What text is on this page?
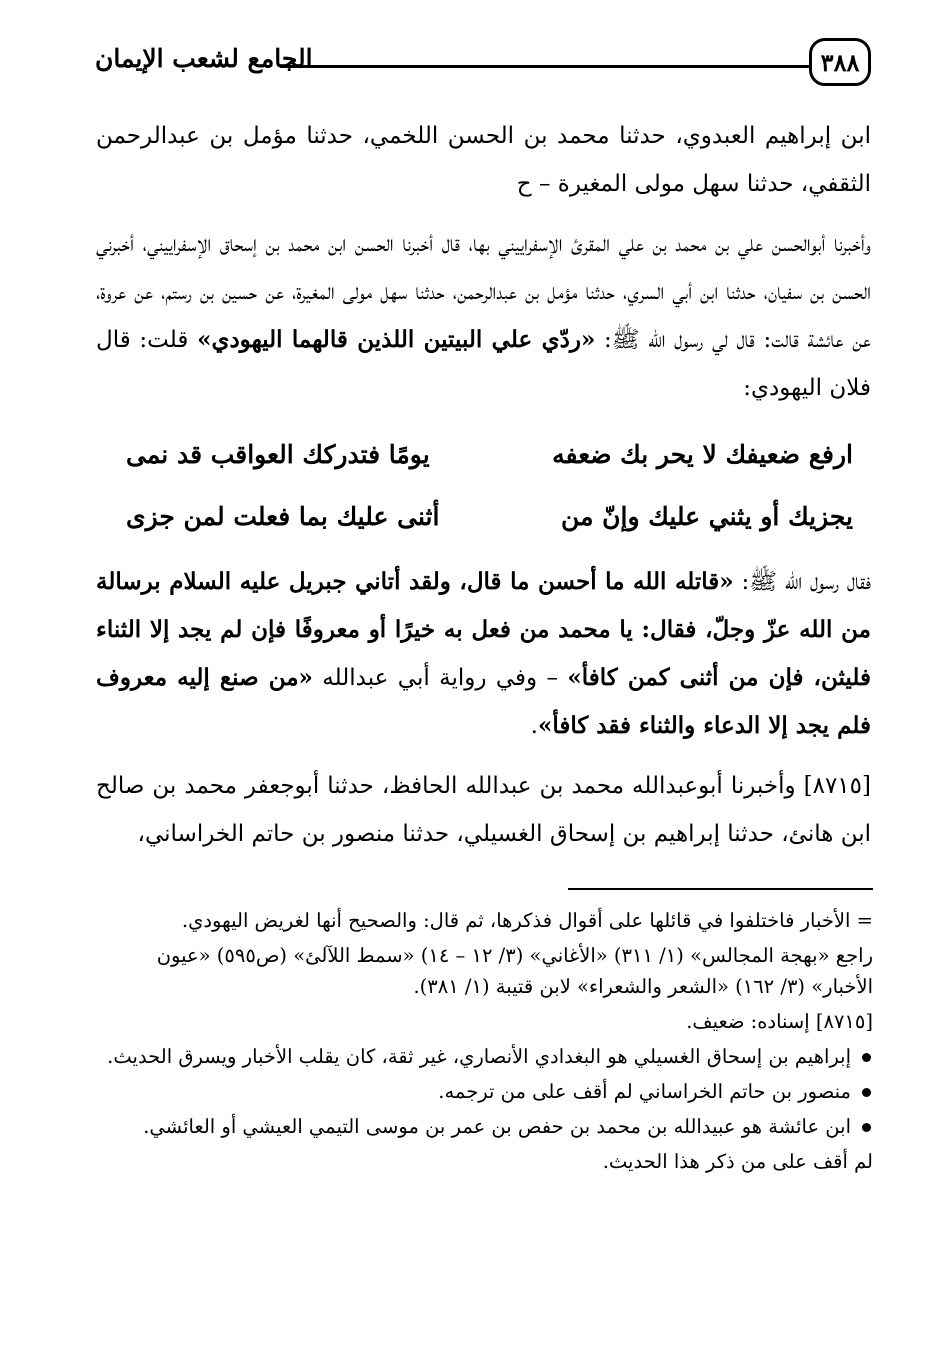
٣٨٨
الجامع لشعب الإيمان

ابن إبراهيم العبدوي، حدثنا محمد بن الحسن اللخمي، حدثنا مؤمل بن عبدالرحمن الثقفي، حدثنا سهل مولى المغيرة – ح

وأخبرنا أبوالحسن علي بن محمد بن علي المقرئ الإسفراييني بها، قال أخبرنا الحسن ابن محمد بن إسحاق الإسفراييني، أخبرني الحسن بن سفيان، حدثنا ابن أبي السري، حدثنا مؤمل بن عبدالرحمن، حدثنا سهل مولى المغيرة، عن حسين بن رستم، عن عروة، عن عائشة قالت: قال لي رسول الله ﷺ: «ردّي علي البيتين اللذين قالهما اليهودي» قلت: قال فلان اليهودي:

ارفع ضعيفك لا يحر بك ضعفه
يومًا فتدركك العواقب قد نمى
يجزيك أو يثني عليك وإنّ من
أثنى عليك بما فعلت لمن جزى

فقال رسول الله ﷺ: «قاتله الله ما أحسن ما قال، ولقد أتاني جبريل عليه السلام برسالة من الله عزّ وجلّ، فقال: يا محمد من فعل به خيرًا أو معروفًا فإن لم يجد إلا الثناء فليثن، فإن من أثنى كمن كافأ» – وفي رواية أبي عبدالله «من صنع إليه معروف فلم يجد إلا الدعاء والثناء فقد كافأ».

[٨٧١٥] وأخبرنا أبوعبدالله محمد بن عبدالله الحافظ، حدثنا أبوجعفر محمد بن صالح ابن هانئ، حدثنا إبراهيم بن إسحاق الغسيلي، حدثنا منصور بن حاتم الخراساني،

= الأخبار فاختلفوا في قائلها على أقوال فذكرها، ثم قال: والصحيح أنها لغريض اليهودي.

راجع «بهجة المجالس» (١/ ٣١١) «الأغاني» (٣/ ١٢ – ١٤) «سمط اللآلئ» (ص٥٩٥) «عيون الأخبار» (٣/ ١٦٢) «الشعر والشعراء» لابن قتيبة (١/ ٣٨١).

[٨٧١٥] إسناده: ضعيف.

إبراهيم بن إسحاق الغسيلي هو البغدادي الأنصاري، غير ثقة، كان يقلب الأخبار ويسرق الحديث.
منصور بن حاتم الخراساني لم أقف على من ترجمه.
ابن عائشة هو عبيدالله بن محمد بن حفص بن عمر بن موسى التيمي العيشي أو العائشي.

لم أقف على من ذكر هذا الحديث.
